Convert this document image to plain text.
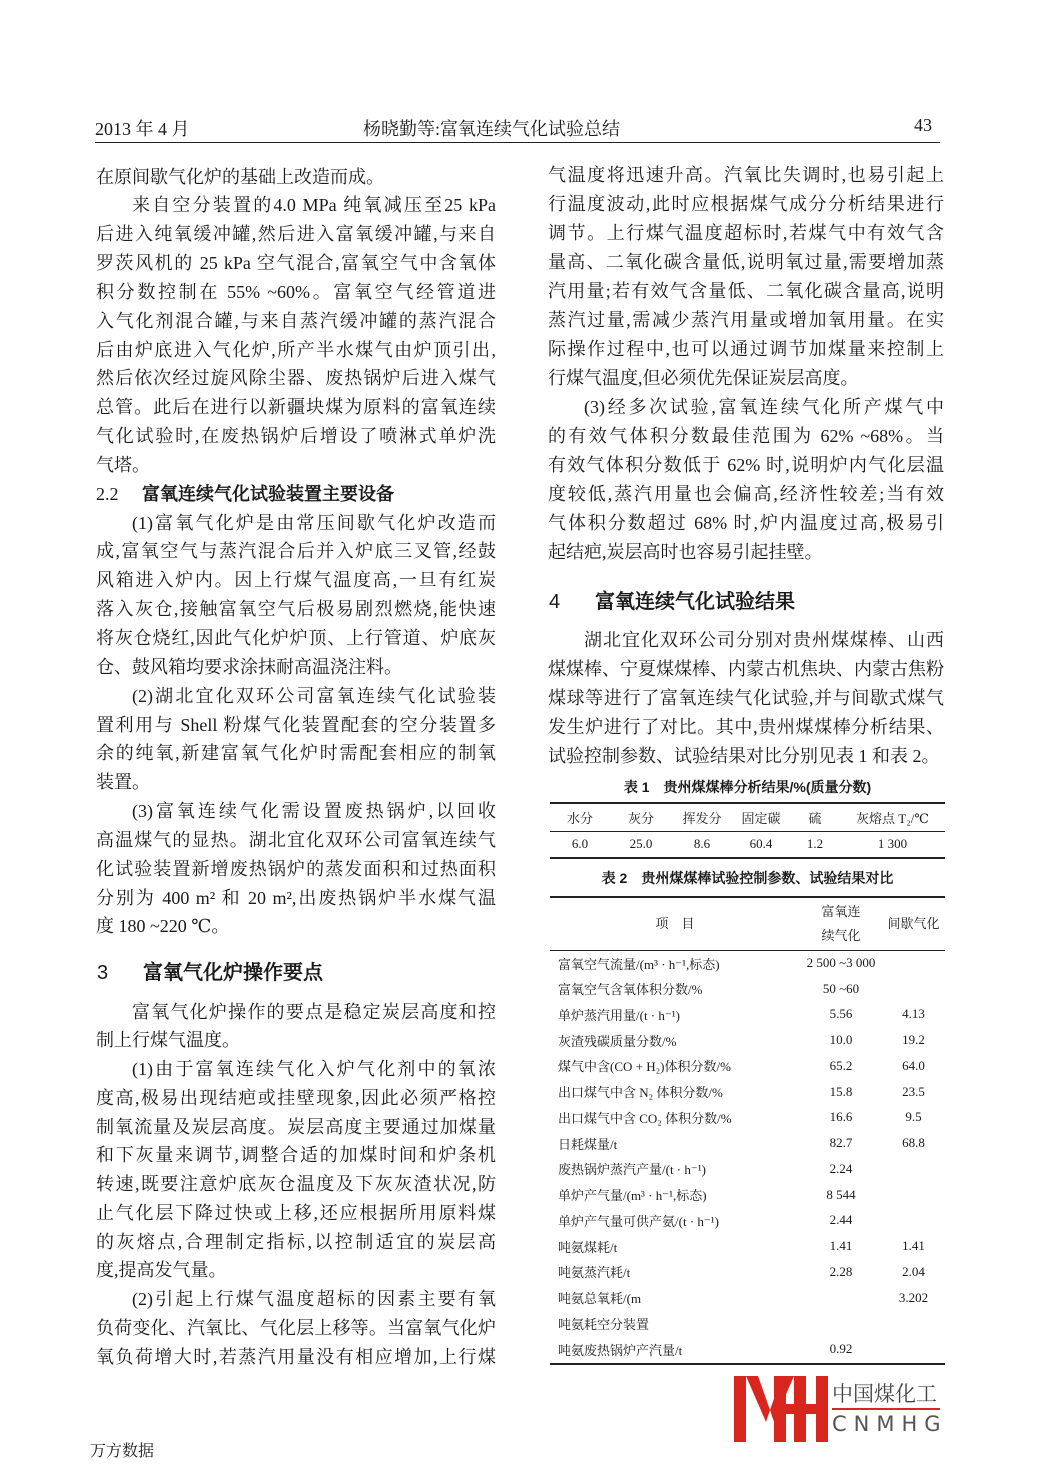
2013 年 4 月	杨晓勤等:富氧连续气化试验总结	43
在原间歇气化炉的基础上改造而成。
来自空分装置的4.0 MPa 纯氧减压至25 kPa
后进入纯氧缓冲罐,然后进入富氧缓冲罐,与来自
罗茨风机的 25 kPa 空气混合,富氧空气中含氧体
积分数控制在 55% ~60%。富氧空气经管道进
入气化剂混合罐,与来自蒸汽缓冲罐的蒸汽混合
后由炉底进入气化炉,所产半水煤气由炉顶引出,
然后依次经过旋风除尘器、废热锅炉后进入煤气
总管。此后在进行以新疆块煤为原料的富氧连续
气化试验时,在废热锅炉后增设了喷淋式单炉洗
气塔。
2.2 富氧连续气化试验装置主要设备
(1)富氧气化炉是由常压间歇气化炉改造而
成,富氧空气与蒸汽混合后并入炉底三叉管,经鼓
风箱进入炉内。因上行煤气温度高,一旦有红炭
落入灰仓,接触富氧空气后极易剧烈燃烧,能快速
将灰仓烧红,因此气化炉炉顶、上行管道、炉底灰
仓、鼓风箱均要求涂抹耐高温浇注料。
(2)湖北宜化双环公司富氧连续气化试验装
置利用与 Shell 粉煤气化装置配套的空分装置多
余的纯氧,新建富氧气化炉时需配套相应的制氧
装置。
(3)富氧连续气化需设置废热锅炉,以回收
高温煤气的显热。湖北宜化双环公司富氧连续气
化试验装置新增废热锅炉的蒸发面积和过热面积
分别为 400 m² 和 20 m²,出废热锅炉半水煤气温
度 180 ~220 ℃。
3 富氧气化炉操作要点
富氧气化炉操作的要点是稳定炭层高度和控
制上行煤气温度。
(1)由于富氧连续气化入炉气化剂中的氧浓
度高,极易出现结疤或挂壁现象,因此必须严格控
制氧流量及炭层高度。炭层高度主要通过加煤量
和下灰量来调节,调整合适的加煤时间和炉条机
转速,既要注意炉底灰仓温度及下灰灰渣状况,防
止气化层下降过快或上移,还应根据所用原料煤
的灰熔点,合理制定指标,以控制适宜的炭层高
度,提高发气量。
(2)引起上行煤气温度超标的因素主要有氧
负荷变化、汽氧比、气化层上移等。当富氧气化炉
氧负荷增大时,若蒸汽用量没有相应增加,上行煤
气温度将迅速升高。汽氧比失调时,也易引起上
行温度波动,此时应根据煤气成分分析结果进行
调节。上行煤气温度超标时,若煤气中有效气含
量高、二氧化碳含量低,说明氧过量,需要增加蒸
汽用量;若有效气含量低、二氧化碳含量高,说明
蒸汽过量,需减少蒸汽用量或增加氧用量。在实
际操作过程中,也可以通过调节加煤量来控制上
行煤气温度,但必须优先保证炭层高度。
(3)经多次试验,富氧连续气化所产煤气中
的有效气体积分数最佳范围为 62% ~68%。当
有效气体积分数低于 62% 时,说明炉内气化层温
度较低,蒸汽用量也会偏高,经济性较差;当有效
气体积分数超过 68% 时,炉内温度过高,极易引
起结疤,炭层高时也容易引起挂壁。
4 富氧连续气化试验结果
湖北宜化双环公司分别对贵州煤煤棒、山西
煤煤棒、宁夏煤煤棒、内蒙古机焦块、内蒙古焦粉
煤球等进行了富氧连续气化试验,并与间歇式煤气
发生炉进行了对比。其中,贵州煤煤棒分析结果、
试验控制参数、试验结果对比分别见表 1 和表 2。
表 1　贵州煤煤棒分析结果/%(质量分数)
水分	灰分	挥发分	固定碳	硫	灰熔点 T₂/℃
6.0	25.0	8.6	60.4	1.2	1 300
表 2　贵州煤煤棒试验控制参数、试验结果对比
项　目	富氧连
续气化	间歇气化
富氧空气流量/(m³ · h⁻¹,标态)	2 500 ~3 000	
富氧空气含氧体积分数/%	50 ~60	
单炉蒸汽用量/(t · h⁻¹)	5.56	4.13
灰渣残碳质量分数/%	10.0	19.2
煤气中含(CO + H₂)体积分数/%	65.2	64.0
出口煤气中含 N₂ 体积分数/%	15.8	23.5
出口煤气中含 CO₂ 体积分数/%	16.6	9.5
日耗煤量/t	82.7	68.8
废热锅炉蒸汽产量/(t · h⁻¹)	2.24	
单炉产气量/(m³ · h⁻¹,标态)	8 544	
单炉产气量可供产氨/(t · h⁻¹)	2.44	
吨氨煤耗/t	1.41	1.41
吨氨蒸汽耗/t	2.28	2.04
吨氨总氧耗/(m		3.202
吨氨耗空分装置		
吨氨废热锅炉产汽量/t	0.92	
中国煤化工
CNMHG
万方数据
